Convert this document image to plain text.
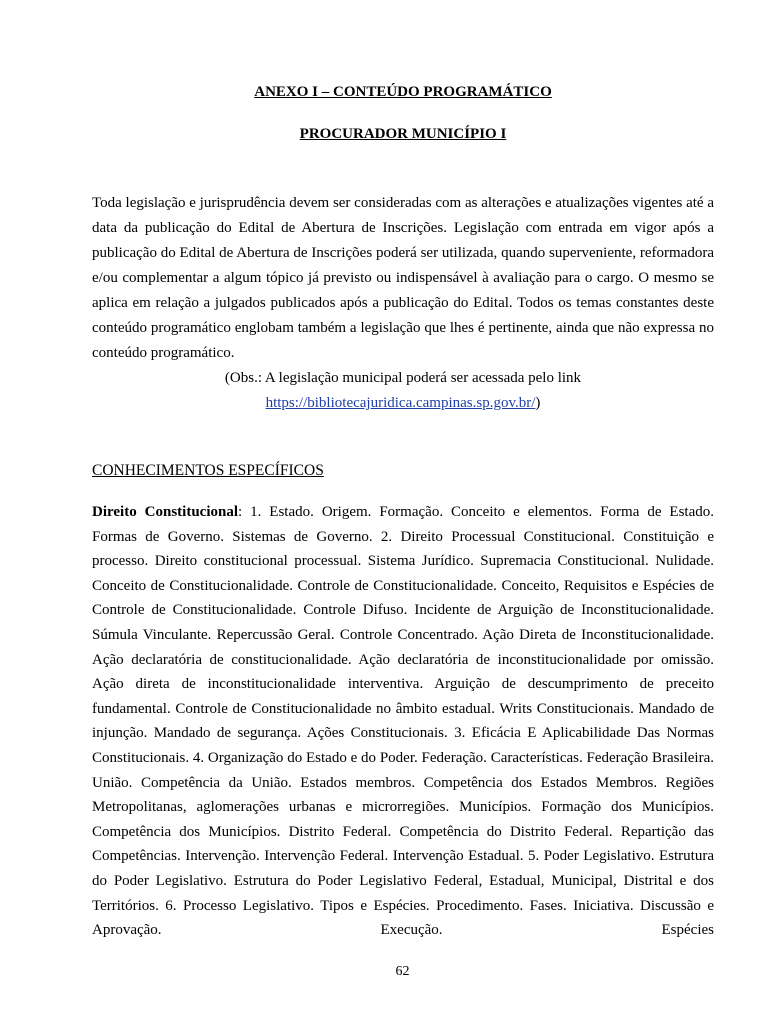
ANEXO I – CONTEÚDO PROGRAMÁTICO

PROCURADOR MUNICÍPIO I

Toda legislação e jurisprudência devem ser consideradas com as alterações e atualizações vigentes até a data da publicação do Edital de Abertura de Inscrições. Legislação com entrada em vigor após a publicação do Edital de Abertura de Inscrições poderá ser utilizada, quando superveniente, reformadora e/ou complementar a algum tópico já previsto ou indispensável à avaliação para o cargo. O mesmo se aplica em relação a julgados publicados após a publicação do Edital. Todos os temas constantes deste conteúdo programático englobam também a legislação que lhes é pertinente, ainda que não expressa no conteúdo programático.
(Obs.: A legislação municipal poderá ser acessada pelo link
https://bibliotecajuridica.campinas.sp.gov.br/)
CONHECIMENTOS ESPECÍFICOS
Direito Constitucional: 1. Estado. Origem. Formação. Conceito e elementos. Forma de Estado. Formas de Governo. Sistemas de Governo. 2. Direito Processual Constitucional. Constituição e processo. Direito constitucional processual. Sistema Jurídico. Supremacia Constitucional. Nulidade. Conceito de Constitucionalidade. Controle de Constitucionalidade. Conceito, Requisitos e Espécies de Controle de Constitucionalidade. Controle Difuso. Incidente de Arguição de Inconstitucionalidade. Súmula Vinculante. Repercussão Geral. Controle Concentrado. Ação Direta de Inconstitucionalidade. Ação declaratória de constitucionalidade. Ação declaratória de inconstitucionalidade por omissão. Ação direta de inconstitucionalidade interventiva. Arguição de descumprimento de preceito fundamental. Controle de Constitucionalidade no âmbito estadual. Writs Constitucionais. Mandado de injunção. Mandado de segurança. Ações Constitucionais. 3. Eficácia E Aplicabilidade Das Normas Constitucionais. 4. Organização do Estado e do Poder. Federação. Características. Federação Brasileira. União. Competência da União. Estados membros. Competência dos Estados Membros. Regiões Metropolitanas, aglomerações urbanas e microrregiões. Municípios. Formação dos Municípios. Competência dos Municípios. Distrito Federal. Competência do Distrito Federal. Repartição das Competências. Intervenção. Intervenção Federal. Intervenção Estadual. 5. Poder Legislativo. Estrutura do Poder Legislativo. Estrutura do Poder Legislativo Federal, Estadual, Municipal, Distrital e dos Territórios. 6. Processo Legislativo. Tipos e Espécies. Procedimento. Fases. Iniciativa. Discussão e Aprovação. Execução. Espécies
62
